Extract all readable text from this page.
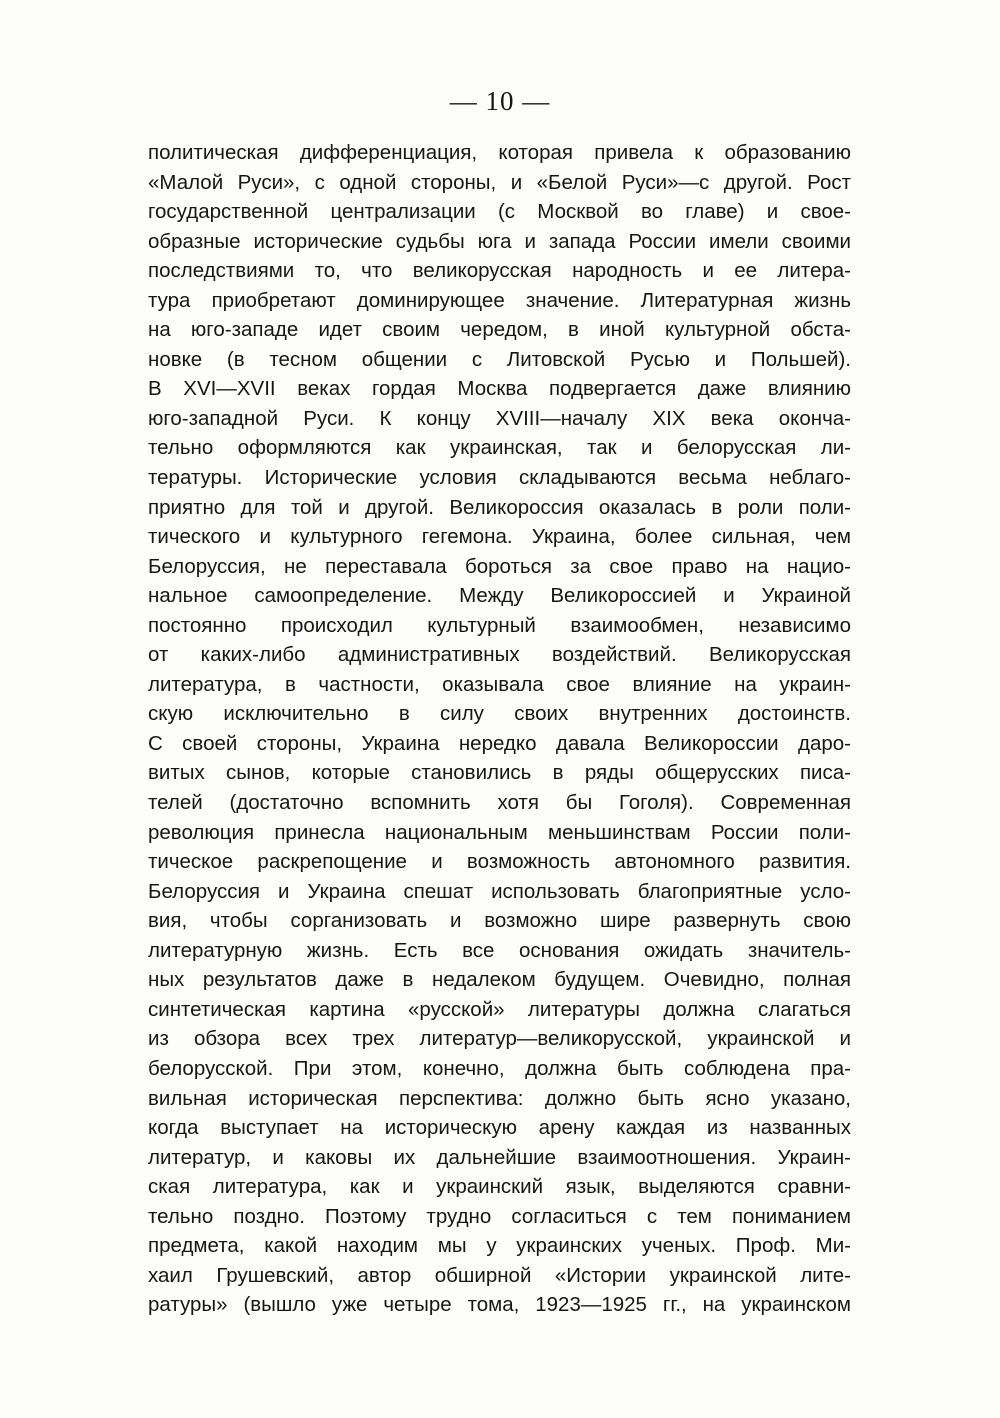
— 10 —
политическая дифференциация, которая привела к образованию
«Малой Руси», с одной стороны, и «Белой Руси»—с другой. Рост
государственной централизации (с Москвой во главе) и свое-
образные исторические судьбы юга и запада России имели своими
последствиями то, что великорусская народность и ее литера-
тура приобретают доминирующее значение. Литературная жизнь
на юго-западе идет своим чередом, в иной культурной обста-
новке (в тесном общении с Литовской Русью и Польшей).
В XVI—XVII веках гордая Москва подвергается даже влиянию
юго-западной Руси. К концу XVIII—началу XIX века оконча-
тельно оформляются как украинская, так и белорусская ли-
тературы. Исторические условия складываются весьма неблаго-
приятно для той и другой. Великороссия оказалась в роли поли-
тического и культурного гегемона. Украина, более сильная, чем
Белоруссия, не переставала бороться за свое право на нацио-
нальное самоопределение. Между Великороссией и Украиной
постоянно происходил культурный взаимообмен, независимо
от каких-либо административных воздействий. Великорусская
литература, в частности, оказывала свое влияние на украин-
скую исключительно в силу своих внутренних достоинств.
С своей стороны, Украина нередко давала Великороссии даро-
витых сынов, которые становились в ряды общерусских писа-
телей (достаточно вспомнить хотя бы Гоголя). Современная
революция принесла национальным меньшинствам России поли-
тическое раскрепощение и возможность автономного развития.
Белоруссия и Украина спешат использовать благоприятные усло-
вия, чтобы сорганизовать и возможно шире развернуть свою
литературную жизнь. Есть все основания ожидать значитель-
ных результатов даже в недалеком будущем. Очевидно, полная
синтетическая картина «русской» литературы должна слагаться
из обзора всех трех литератур—великорусской, украинской и
белорусской. При этом, конечно, должна быть соблюдена пра-
вильная историческая перспектива: должно быть ясно указано,
когда выступает на историческую арену каждая из названных
литератур, и каковы их дальнейшие взаимоотношения. Украин-
ская литература, как и украинский язык, выделяются сравни-
тельно поздно. Поэтому трудно согласиться с тем пониманием
предмета, какой находим мы у украинских ученых. Проф. Ми-
хаил Грушевский, автор обширной «Истории украинской лите-
ратуры» (вышло уже четыре тома, 1923—1925 гг., на украинском
